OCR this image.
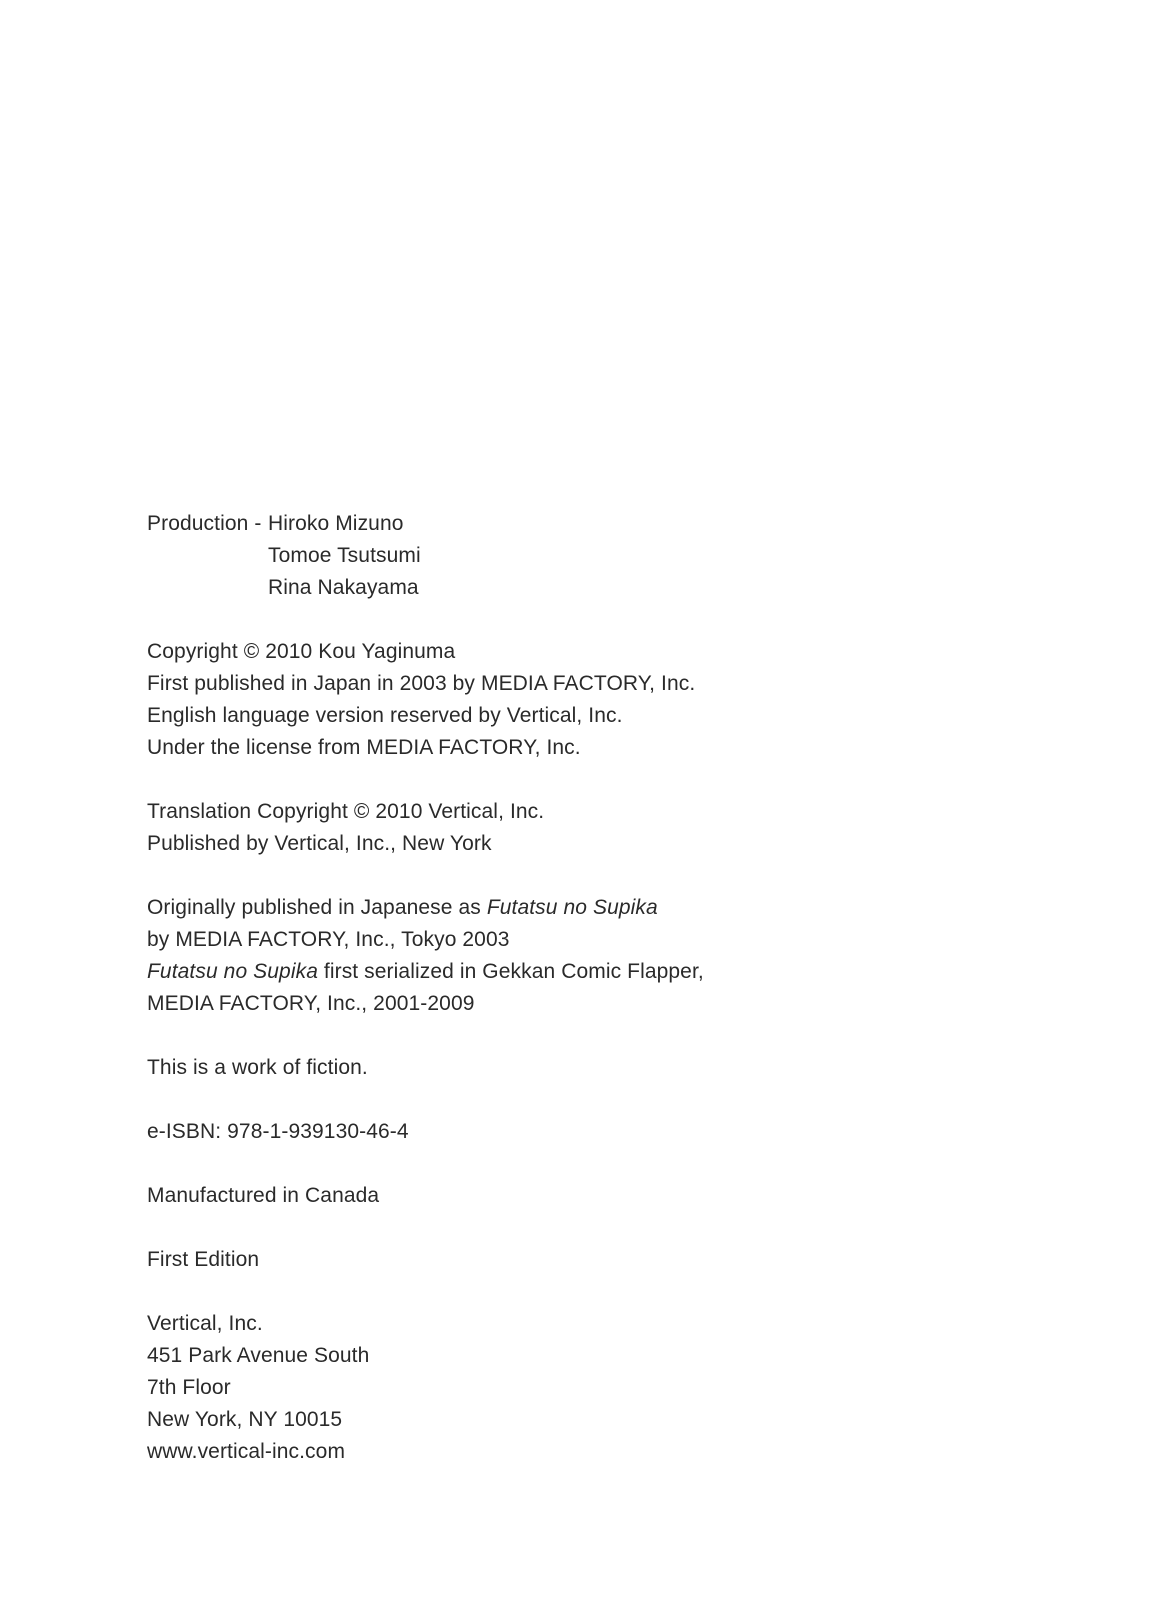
Production - Hiroko Mizuno
Tomoe Tsutsumi
Rina Nakayama
Copyright © 2010 Kou Yaginuma
First published in Japan in 2003 by MEDIA FACTORY, Inc.
English language version reserved by Vertical, Inc.
Under the license from MEDIA FACTORY, Inc.
Translation Copyright © 2010 Vertical, Inc.
Published by Vertical, Inc., New York
Originally published in Japanese as Futatsu no Supika
by MEDIA FACTORY, Inc., Tokyo 2003
Futatsu no Supika first serialized in Gekkan Comic Flapper,
MEDIA FACTORY, Inc., 2001-2009
This is a work of fiction.
e-ISBN: 978-1-939130-46-4
Manufactured in Canada
First Edition
Vertical, Inc.
451 Park Avenue South
7th Floor
New York, NY 10015
www.vertical-inc.com
